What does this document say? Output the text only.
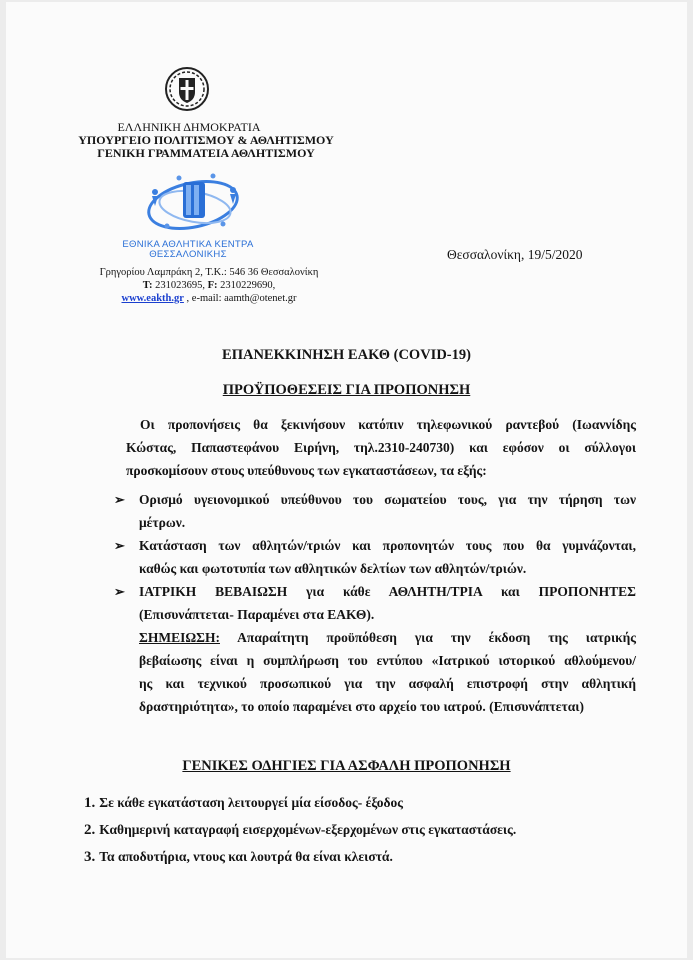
ΕΛΛΗΝΙΚΗ ΔΗΜΟΚΡΑΤΙΑ
ΥΠΟΥΡΓΕΙΟ ΠΟΛΙΤΙΣΜΟΥ & ΑΘΛΗΤΙΣΜΟΥ
ΓΕΝΙΚΗ ΓΡΑΜΜΑΤΕΙΑ ΑΘΛΗΤΙΣΜΟΥ
ΕΘΝΙΚΑ ΑΘΛΗΤΙΚΑ ΚΕΝΤΡΑ
ΘΕΣΣΑΛΟΝΙΚΗΣ
Γρηγορίου Λαμπράκη 2, Τ.Κ.: 546 36 Θεσσαλονίκη
Τ: 231023695, F: 2310229690,
www.eakth.gr , e-mail: aamth@otenet.gr
Θεσσαλονίκη, 19/5/2020
ΕΠΑΝΕΚΚΙΝΗΣΗ ΕΑΚΘ (COVID-19)
ΠΡΟΫΠΟΘΕΣΕΙΣ ΓΙΑ ΠΡΟΠΟΝΗΣΗ
Οι προπονήσεις θα ξεκινήσουν κατόπιν τηλεφωνικού ραντεβού (Ιωαννίδης
Κώστας, Παπαστεφάνου Ειρήνη, τηλ.2310-240730) και εφόσον οι σύλλογοι
προσκομίσουν στους υπεύθυνους των εγκαταστάσεων, τα εξής:
➢ Ορισμό υγειονομικού υπεύθυνου του σωματείου τους, για την τήρηση των
μέτρων.
➢ Κατάσταση των αθλητών/τριών και προπονητών τους που θα γυμνάζονται,
καθώς και φωτοτυπία των αθλητικών δελτίων των αθλητών/τριών.
➢ ΙΑΤΡΙΚΗ ΒΕΒΑΙΩΣΗ για κάθε ΑΘΛΗΤΗ/ΤΡΙΑ και ΠΡΟΠΟΝΗΤΕΣ
(Επισυνάπτεται- Παραμένει στα ΕΑΚΘ).
ΣΗΜΕΙΩΣΗ: Απαραίτητη προϋπόθεση για την έκδοση της ιατρικής
βεβαίωσης είναι η συμπλήρωση του εντύπου «Ιατρικού ιστορικού αθλούμενου/
ης και τεχνικού προσωπικού για την ασφαλή επιστροφή στην αθλητική
δραστηριότητα», το οποίο παραμένει στο αρχείο του ιατρού. (Επισυνάπτεται)
ΓΕΝΙΚΕΣ ΟΔΗΓΙΕΣ ΓΙΑ ΑΣΦΑΛΗ ΠΡΟΠΟΝΗΣΗ
1. Σε κάθε εγκατάσταση λειτουργεί μία είσοδος- έξοδος
2. Καθημερινή καταγραφή εισερχομένων-εξερχομένων στις εγκαταστάσεις.
3. Τα αποδυτήρια, ντους και λουτρά θα είναι κλειστά.
